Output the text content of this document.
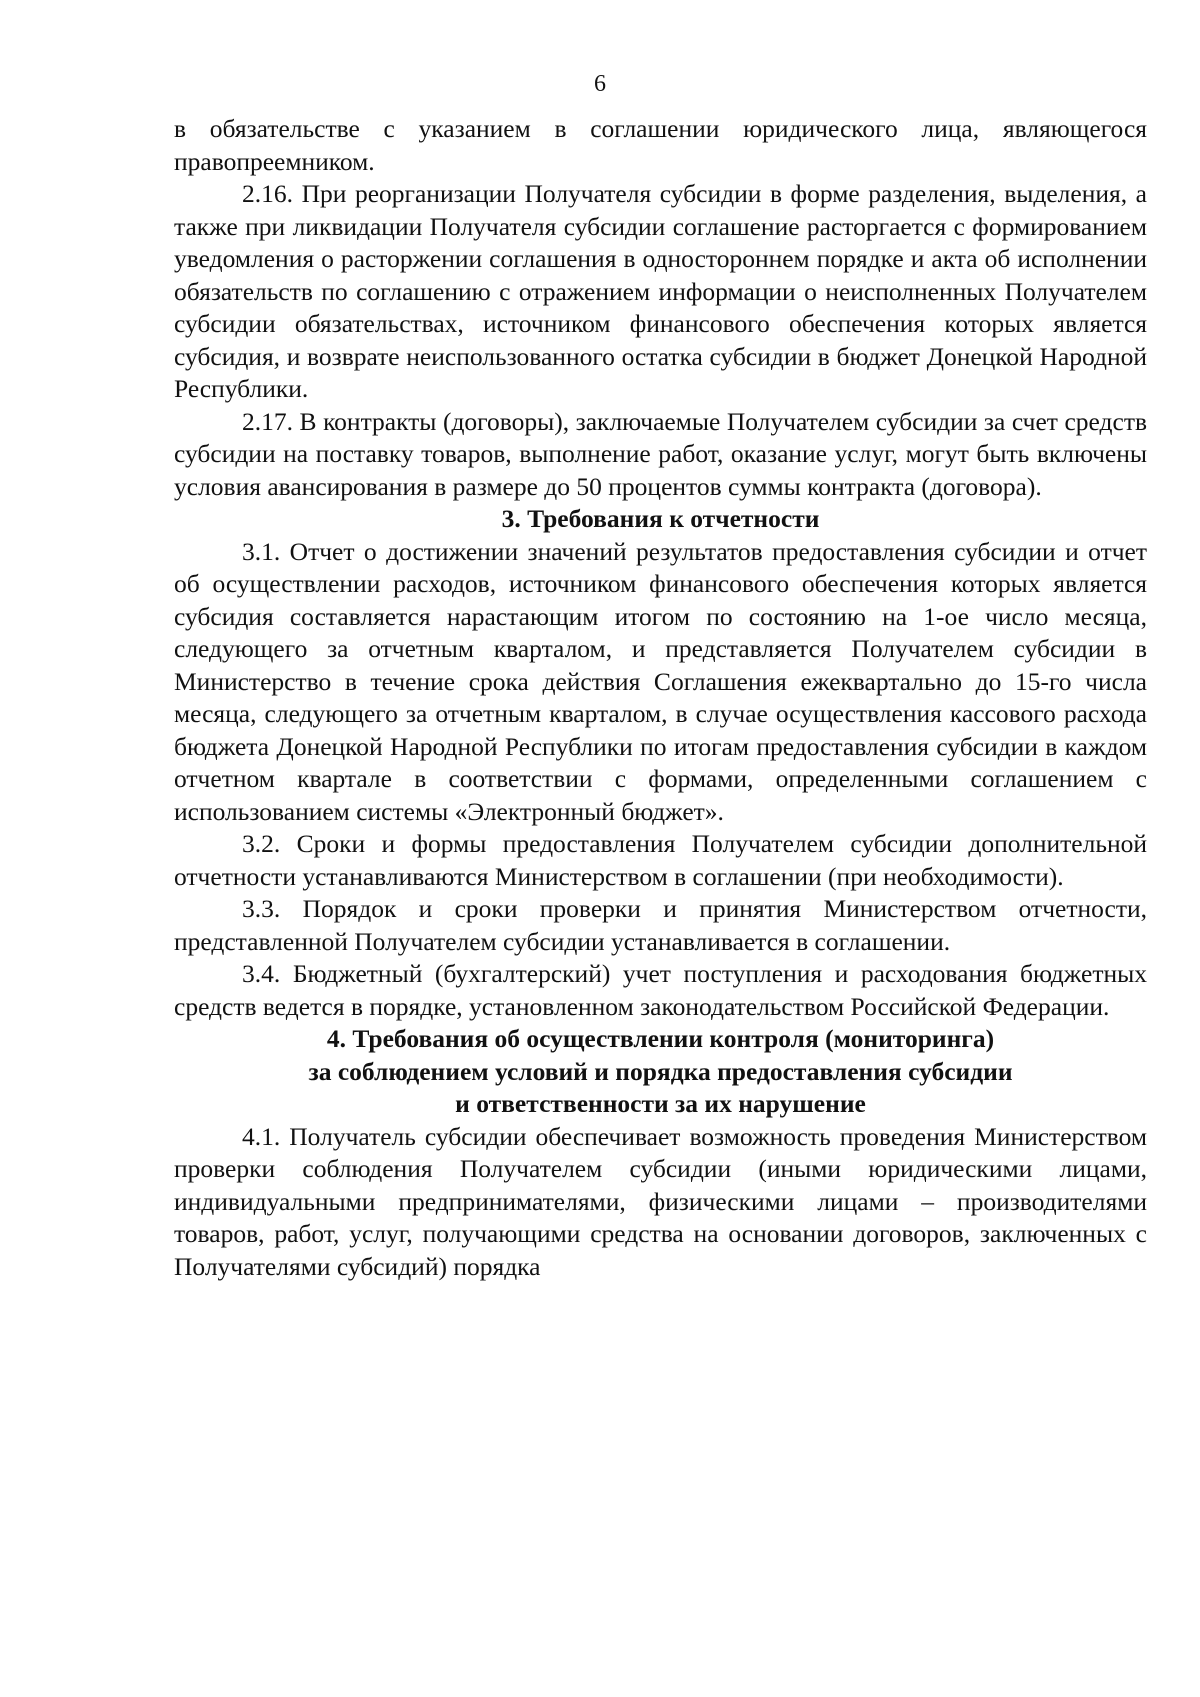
6

в обязательстве с указанием в соглашении юридического лица, являющегося правопреемником.

2.16. При реорганизации Получателя субсидии в форме разделения, выделения, а также при ликвидации Получателя субсидии соглашение расторгается с формированием уведомления о расторжении соглашения в одностороннем порядке и акта об исполнении обязательств по соглашению с отражением информации о неисполненных Получателем субсидии обязательствах, источником финансового обеспечения которых является субсидия, и возврате неиспользованного остатка субсидии в бюджет Донецкой Народной Республики.

2.17. В контракты (договоры), заключаемые Получателем субсидии за счет средств субсидии на поставку товаров, выполнение работ, оказание услуг, могут быть включены условия авансирования в размере до 50 процентов суммы контракта (договора).

3. Требования к отчетности

3.1. Отчет о достижении значений результатов предоставления субсидии и отчет об осуществлении расходов, источником финансового обеспечения которых является субсидия составляется нарастающим итогом по состоянию на 1-ое число месяца, следующего за отчетным кварталом, и представляется Получателем субсидии в Министерство в течение срока действия Соглашения ежеквартально до 15-го числа месяца, следующего за отчетным кварталом, в случае осуществления кассового расхода бюджета Донецкой Народной Республики по итогам предоставления субсидии в каждом отчетном квартале в соответствии с формами, определенными соглашением с использованием системы «Электронный бюджет».

3.2. Сроки и формы предоставления Получателем субсидии дополнительной отчетности устанавливаются Министерством в соглашении (при необходимости).

3.3. Порядок и сроки проверки и принятия Министерством отчетности, представленной Получателем субсидии устанавливается в соглашении.

3.4. Бюджетный (бухгалтерский) учет поступления и расходования бюджетных средств ведется в порядке, установленном законодательством Российской Федерации.

4. Требования об осуществлении контроля (мониторинга)
за соблюдением условий и порядка предоставления субсидии
и ответственности за их нарушение

4.1. Получатель субсидии обеспечивает возможность проведения Министерством проверки соблюдения Получателем субсидии (иными юридическими лицами, индивидуальными предпринимателями, физическими лицами – производителями товаров, работ, услуг, получающими средства на основании договоров, заключенных с Получателями субсидий) порядка
